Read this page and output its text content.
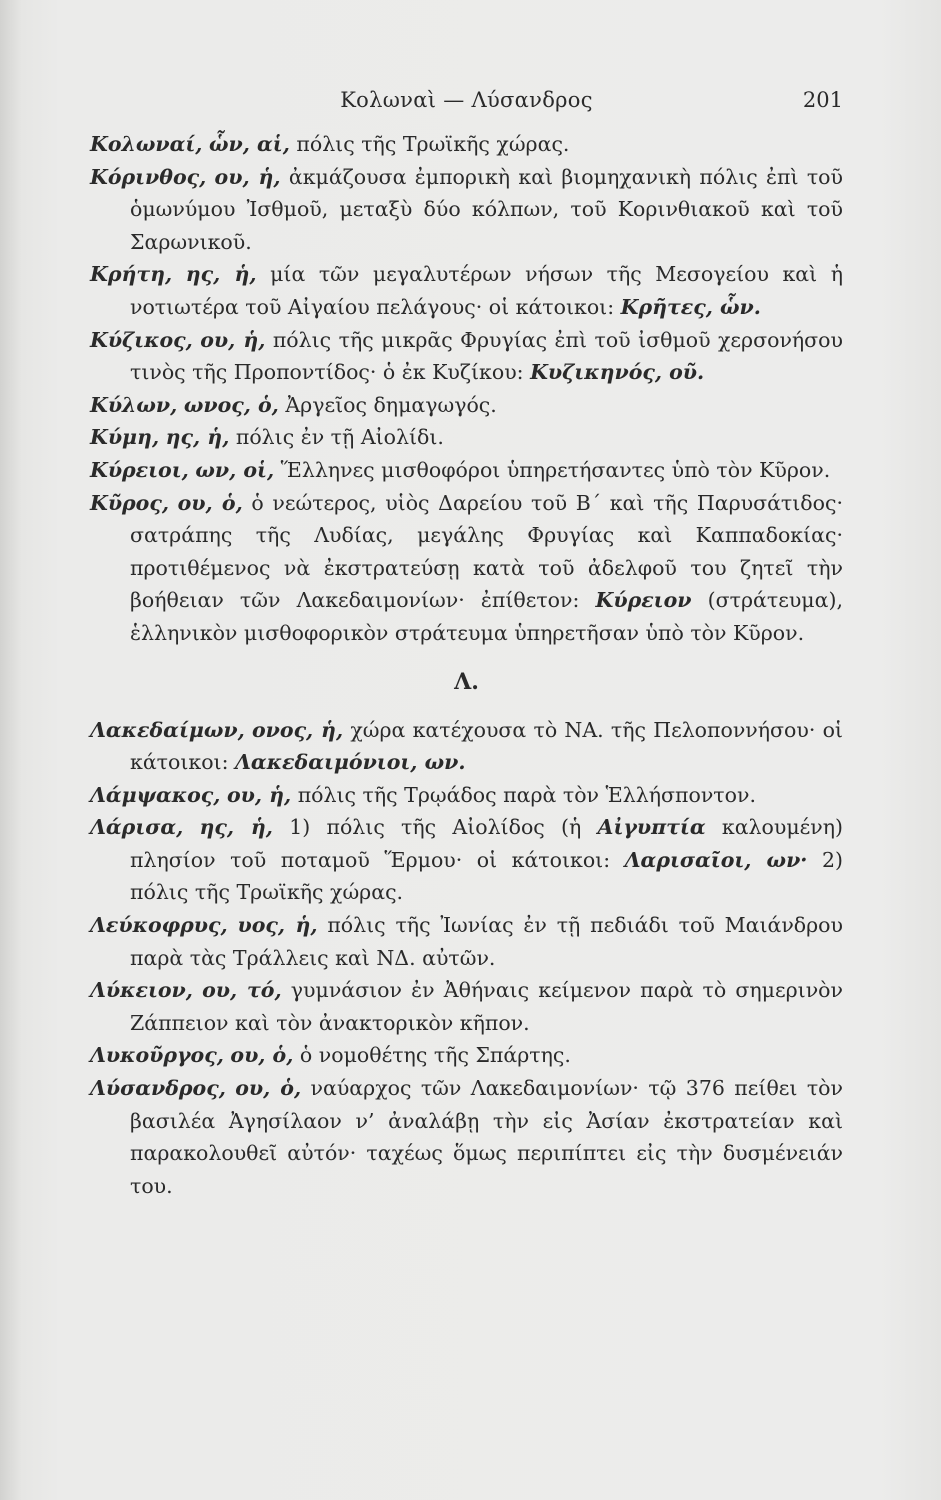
Κολωναὶ — Λύσανδρος	201

Κολωναί, ὧν, αἱ, πόλις τῆς Τρωϊκῆς χώρας.

Κόρινθος, ου, ἡ, ἀκμάζουσα ἐμπορικὴ καὶ βιομηχανικὴ πόλις ἐπὶ τοῦ ὁμωνύμου Ἰσθμοῦ, μεταξὺ δύο κόλπων, τοῦ Κορινθιακοῦ καὶ τοῦ Σαρωνικοῦ.

Κρήτη, ης, ἡ, μία τῶν μεγαλυτέρων νήσων τῆς Μεσογείου καὶ ἡ νοτιωτέρα τοῦ Αἰγαίου πελάγους· οἱ κάτοικοι: Κρῆτες, ὧν.

Κύζικος, ου, ἡ, πόλις τῆς μικρᾶς Φρυγίας ἐπὶ τοῦ ἰσθμοῦ χερσονήσου τινὸς τῆς Προποντίδος· ὁ ἐκ Κυζίκου: Κυζικηνός, οῦ.

Κύλων, ωνος, ὁ, Ἀργεῖος δημαγωγός.

Κύμη, ης, ἡ, πόλις ἐν τῇ Αἰολίδι.

Κύρειοι, ων, οἱ, Ἕλληνες μισθοφόροι ὑπηρετήσαντες ὑπὸ τὸν Κῦρον.

Κῦρος, ου, ὁ, ὁ νεώτερος, υἱὸς Δαρείου τοῦ Β΄ καὶ τῆς Παρυσάτιδος· σατράπης τῆς Λυδίας, μεγάλης Φρυγίας καὶ Καππαδοκίας· προτιθέμενος νὰ ἐκστρατεύσῃ κατὰ τοῦ ἀδελφοῦ του ζητεῖ τὴν βοήθειαν τῶν Λακεδαιμονίων· ἐπίθετον: Κύρειον (στράτευμα), ἑλληνικὸν μισθοφορικὸν στράτευμα ὑπηρετῆσαν ὑπὸ τὸν Κῦρον.

Λ.

Λακεδαίμων, ονος, ἡ, χώρα κατέχουσα τὸ ΝΑ. τῆς Πελοποννήσου· οἱ κάτοικοι: Λακεδαιμόνιοι, ων.

Λάμψακος, ου, ἡ, πόλις τῆς Τρῳάδος παρὰ τὸν Ἑλλήσποντον.

Λάρισα, ης, ἡ, 1) πόλις τῆς Αἰολίδος (ἡ Αἰγυπτία καλουμένη) πλησίον τοῦ ποταμοῦ Ἕρμου· οἱ κάτοικοι: Λαρισαῖοι, ων· 2) πόλις τῆς Τρωϊκῆς χώρας.

Λεύκοφρυς, υος, ἡ, πόλις τῆς Ἰωνίας ἐν τῇ πεδιάδι τοῦ Μαιάνδρου παρὰ τὰς Τράλλεις καὶ ΝΔ. αὐτῶν.

Λύκειον, ου, τό, γυμνάσιον ἐν Ἀθήναις κείμενον παρὰ τὸ σημερινὸν Ζάππειον καὶ τὸν ἀνακτορικὸν κῆπον.

Λυκοῦργος, ου, ὁ, ὁ νομοθέτης τῆς Σπάρτης.

Λύσανδρος, ου, ὁ, ναύαρχος τῶν Λακεδαιμονίων· τῷ 376 πείθει τὸν βασιλέα Ἀγησίλαον ν’ ἀναλάβῃ τὴν εἰς Ἀσίαν ἐκστρατείαν καὶ παρακολουθεῖ αὐτόν· ταχέως ὅμως περιπίπτει εἰς τὴν δυσμένειάν του.
